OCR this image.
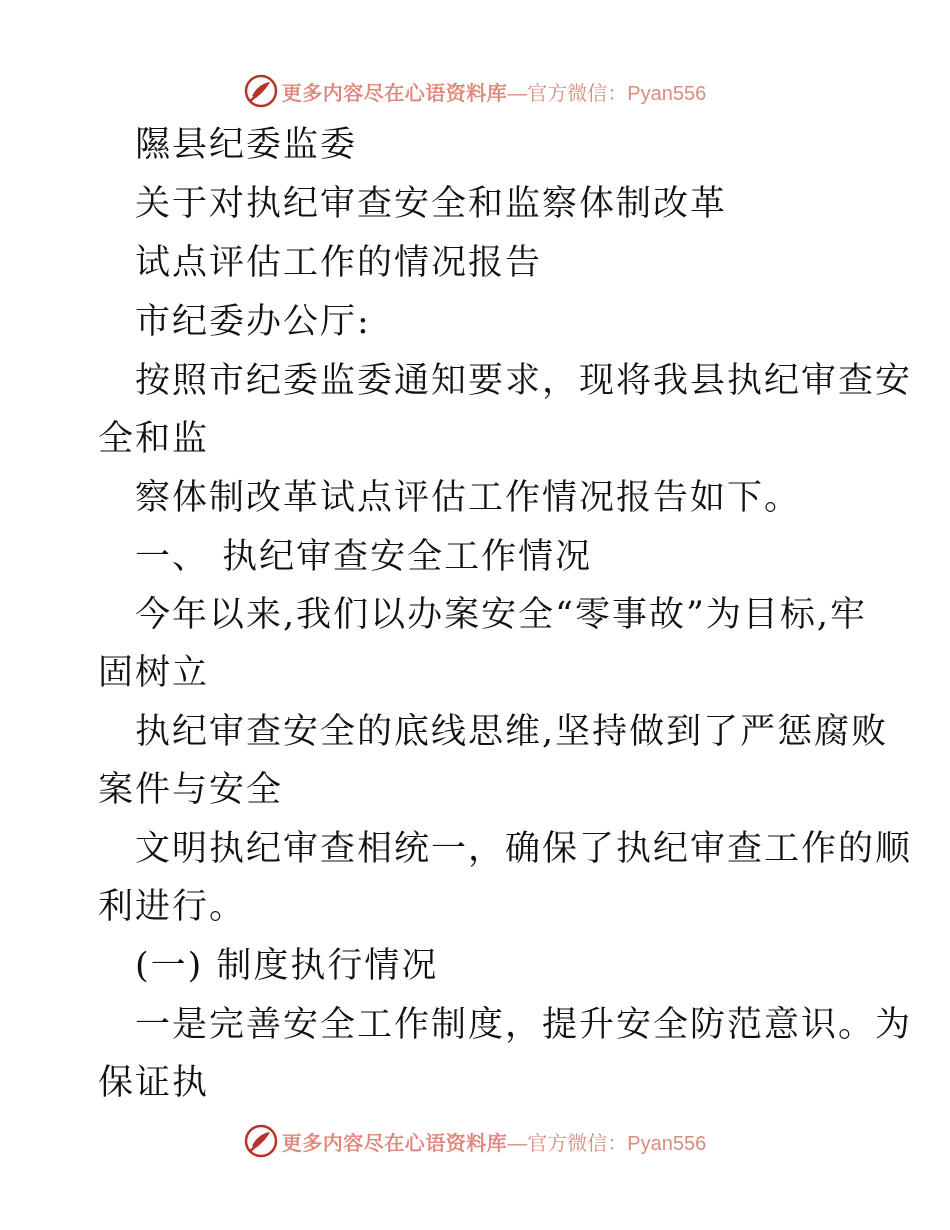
更多内容尽在心语资料库 —官方微信：Pyan556
隰县纪委监委
关于对执纪审查安全和监察体制改革
试点评估工作的情况报告
市纪委办公厅:
按照市纪委监委通知要求，现将我县执纪审查安
全和监
察体制改革试点评估工作情况报告如下。
一、 执纪审查安全工作情况
今年以来,我们以办案安全“零事故”为目标,牢
固树立
执纪审查安全的底线思维,坚持做到了严惩腐败
案件与安全
文明执纪审查相统一，确保了执纪审查工作的顺
利进行。
(一) 制度执行情况
一是完善安全工作制度，提升安全防范意识。为
保证执
更多内容尽在心语资料库 —官方微信：Pyan556
